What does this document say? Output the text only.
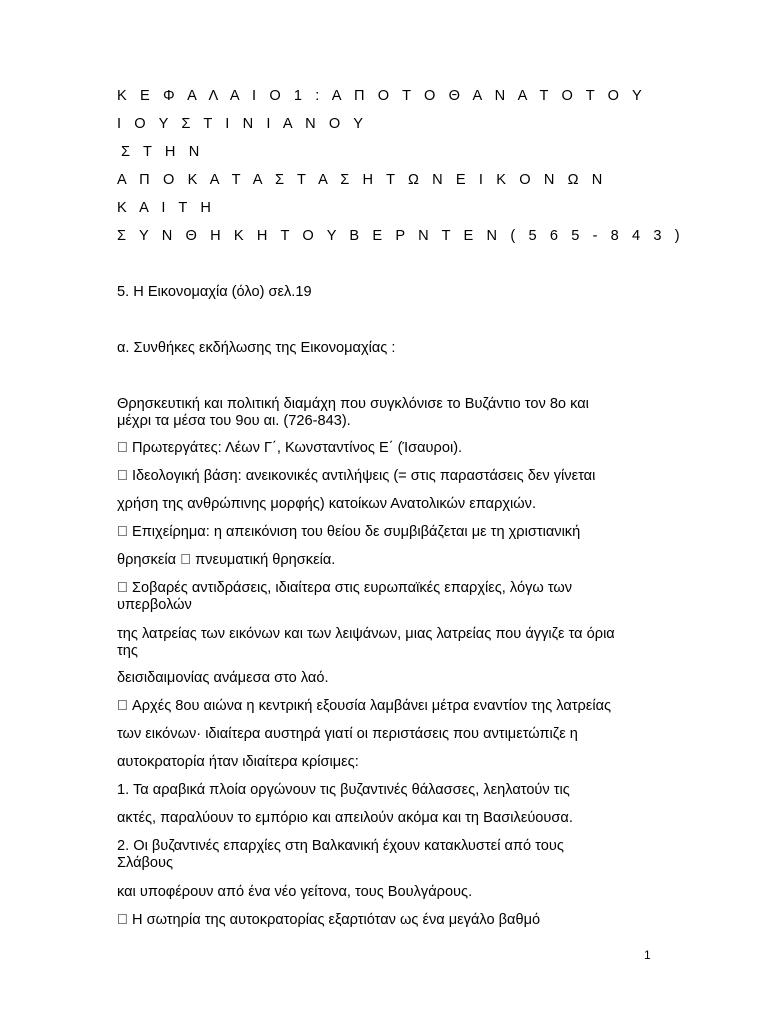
Κ Ε Φ Α Λ Α Ι Ο 1 : Α Π Ο Τ Ο Θ Α Ν Α Τ Ο Τ Ο Υ
Ι Ο Υ Σ Τ Ι Ν Ι Α Ν Ο Υ
Σ Τ Η Ν
Α Π Ο Κ Α Τ Α Σ Τ Α Σ Η Τ Ω Ν Ε Ι Κ Ο Ν Ω Ν
Κ Α Ι Τ Η
Σ Υ Ν Θ Η Κ Η Τ Ο Υ Β Ε Ρ Ν Τ Ε Ν ( 5 6 5 - 8 4 3 )
5. Η Εικονομαχία (όλο) σελ.19
α. Συνθήκες εκδήλωσης της Εικονομαχίας :
Θρησκευτική και πολιτική διαμάχη που συγκλόνισε το Βυζάντιο τον 8ο και
μέχρι τα μέσα του 9ου αι. (726-843).
Πρωτεργάτες: Λέων Γ΄, Κωνσταντίνος Ε΄ (Ίσαυροι).
Ιδεολογική βάση: ανεικονικές αντιλήψεις (= στις παραστάσεις δεν γίνεται
χρήση της ανθρώπινης μορφής) κατοίκων Ανατολικών επαρχιών.
Επιχείρημα: η απεικόνιση του θείου δε συμβιβάζεται με τη χριστιανική
θρησκεία πνευματική θρησκεία.
Σοβαρές αντιδράσεις, ιδιαίτερα στις ευρωπαϊκές επαρχίες, λόγω των
υπερβολών
της λατρείας των εικόνων και των λειψάνων, μιας λατρείας που άγγιζε τα όρια
της
δεισιδαιμονίας ανάμεσα στο λαό.
Αρχές 8ου αιώνα η κεντρική εξουσία λαμβάνει μέτρα εναντίον της λατρείας
των εικόνων· ιδιαίτερα αυστηρά γιατί οι περιστάσεις που αντιμετώπιζε η
αυτοκρατορία ήταν ιδιαίτερα κρίσιμες:
1. Τα αραβικά πλοία οργώνουν τις βυζαντινές θάλασσες, λεηλατούν τις
ακτές, παραλύουν το εμπόριο και απειλούν ακόμα και τη Βασιλεύουσα.
2. Οι βυζαντινές επαρχίες στη Βαλκανική έχουν κατακλυστεί από τους
Σλάβους
και υποφέρουν από ένα νέο γείτονα, τους Βουλγάρους.
Η σωτηρία της αυτοκρατορίας εξαρτιόταν ως ένα μεγάλο βαθμό
1
